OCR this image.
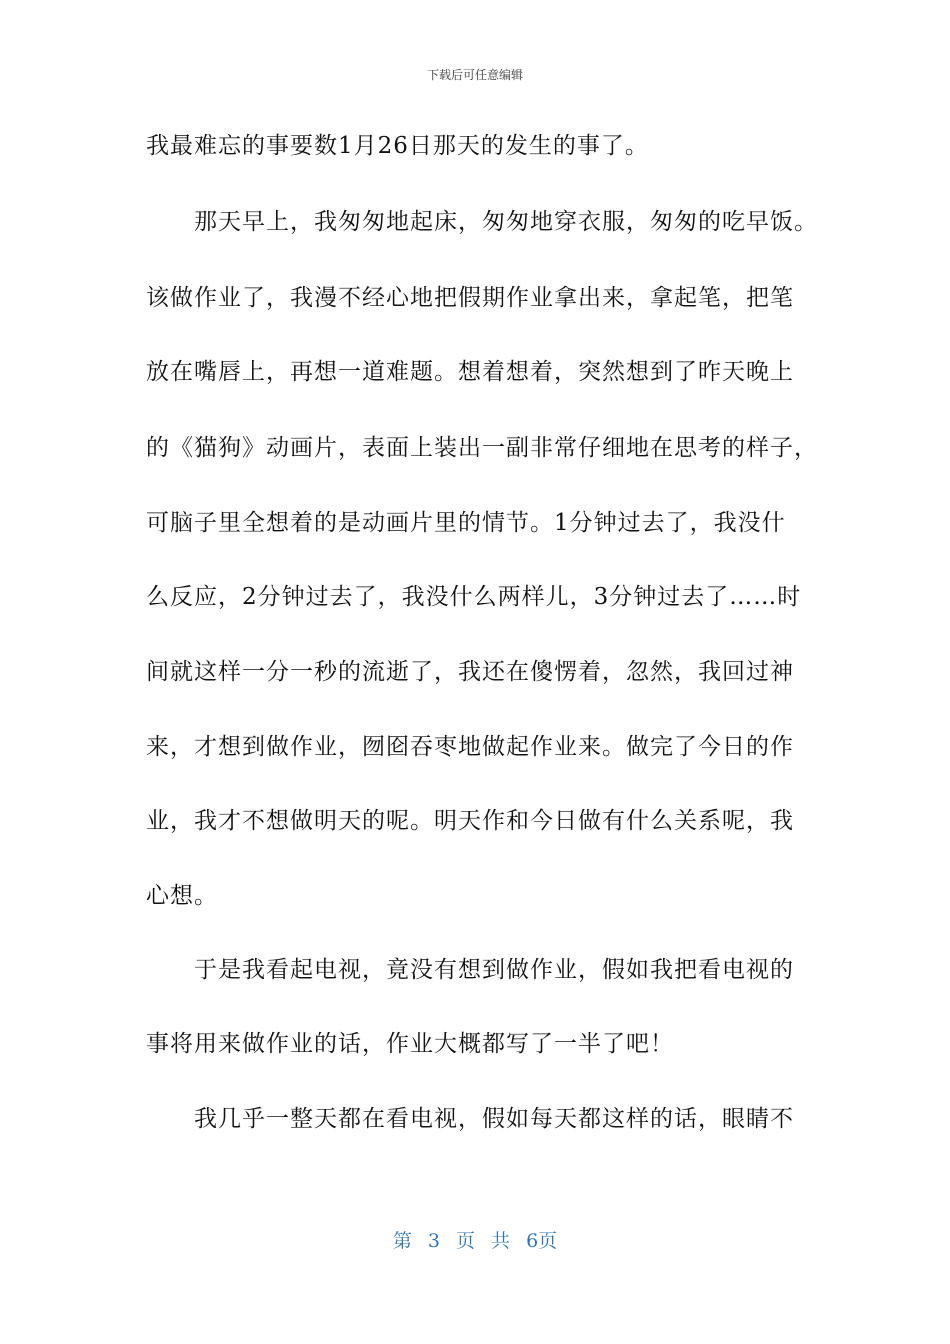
下载后可任意编辑
我最难忘的事要数1月26日那天的发生的事了。
　　那天早上，我匆匆地起床，匆匆地穿衣服，匆匆的吃早饭。
该做作业了，我漫不经心地把假期作业拿出来，拿起笔，把笔
放在嘴唇上，再想一道难题。想着想着，突然想到了昨天晚上
的《猫狗》动画片，表面上装出一副非常仔细地在思考的样子，
可脑子里全想着的是动画片里的情节。1分钟过去了，我没什
么反应，2分钟过去了，我没什么两样儿，3分钟过去了……时
间就这样一分一秒的流逝了，我还在傻愣着，忽然，我回过神
来，才想到做作业，囫囵吞枣地做起作业来。做完了今日的作
业，我才不想做明天的呢。明天作和今日做有什么关系呢，我
心想。
　　于是我看起电视，竟没有想到做作业，假如我把看电视的
事将用来做作业的话，作业大概都写了一半了吧！
　　我几乎一整天都在看电视，假如每天都这样的话，眼睛不
第 3 页 共 6页
